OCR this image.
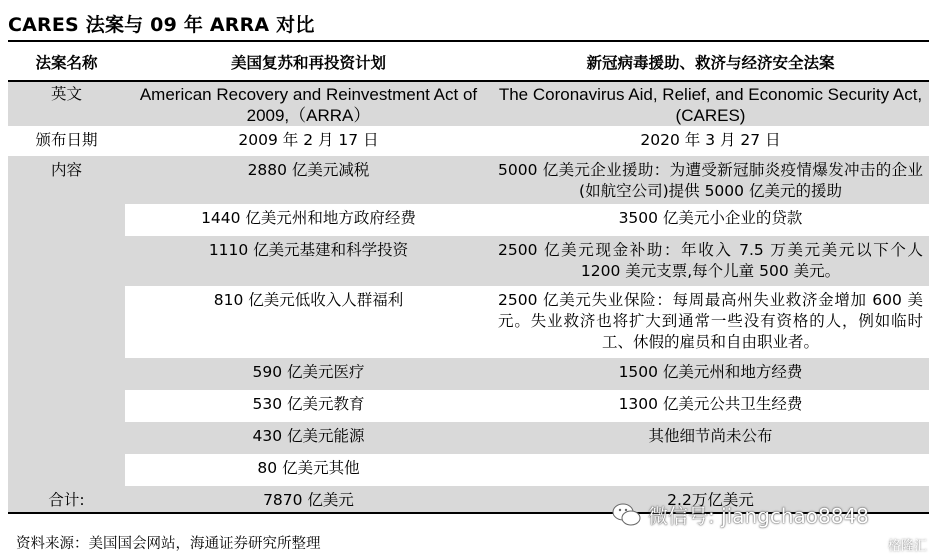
CARES 法案与 09 年 ARRA 对比
法案名称	美国复苏和再投资计划	新冠病毒援助、救济与经济安全法案
英文	American Recovery and Reinvestment Act of 2009,（ARRA）	The Coronavirus Aid, Relief, and Economic Security Act, (CARES)
颁布日期	2009 年 2 月 17 日	2020 年 3 月 27 日
内容	2880 亿美元减税	5000 亿美元企业援助：为遭受新冠肺炎疫情爆发冲击的企业(如航空公司)提供 5000 亿美元的援助
	1440 亿美元州和地方政府经费	3500 亿美元小企业的贷款
	1110 亿美元基建和科学投资	2500 亿美元现金补助：年收入 7.5 万美元美元以下个人 1200 美元支票,每个儿童 500 美元。
	810 亿美元低收入人群福利	2500 亿美元失业保险：每周最高州失业救济金增加 600 美元。失业救济也将扩大到通常一些没有资格的人，例如临时工、休假的雇员和自由职业者。
	590 亿美元医疗	1500 亿美元州和地方经费
	530 亿美元教育	1300 亿美元公共卫生经费
	430 亿美元能源	其他细节尚未公布
	80 亿美元其他	
合计:	7870 亿美元	2.2万亿美元
资料来源：美国国会网站，海通证券研究所整理
微信号: jiangchao8848
格隆汇
